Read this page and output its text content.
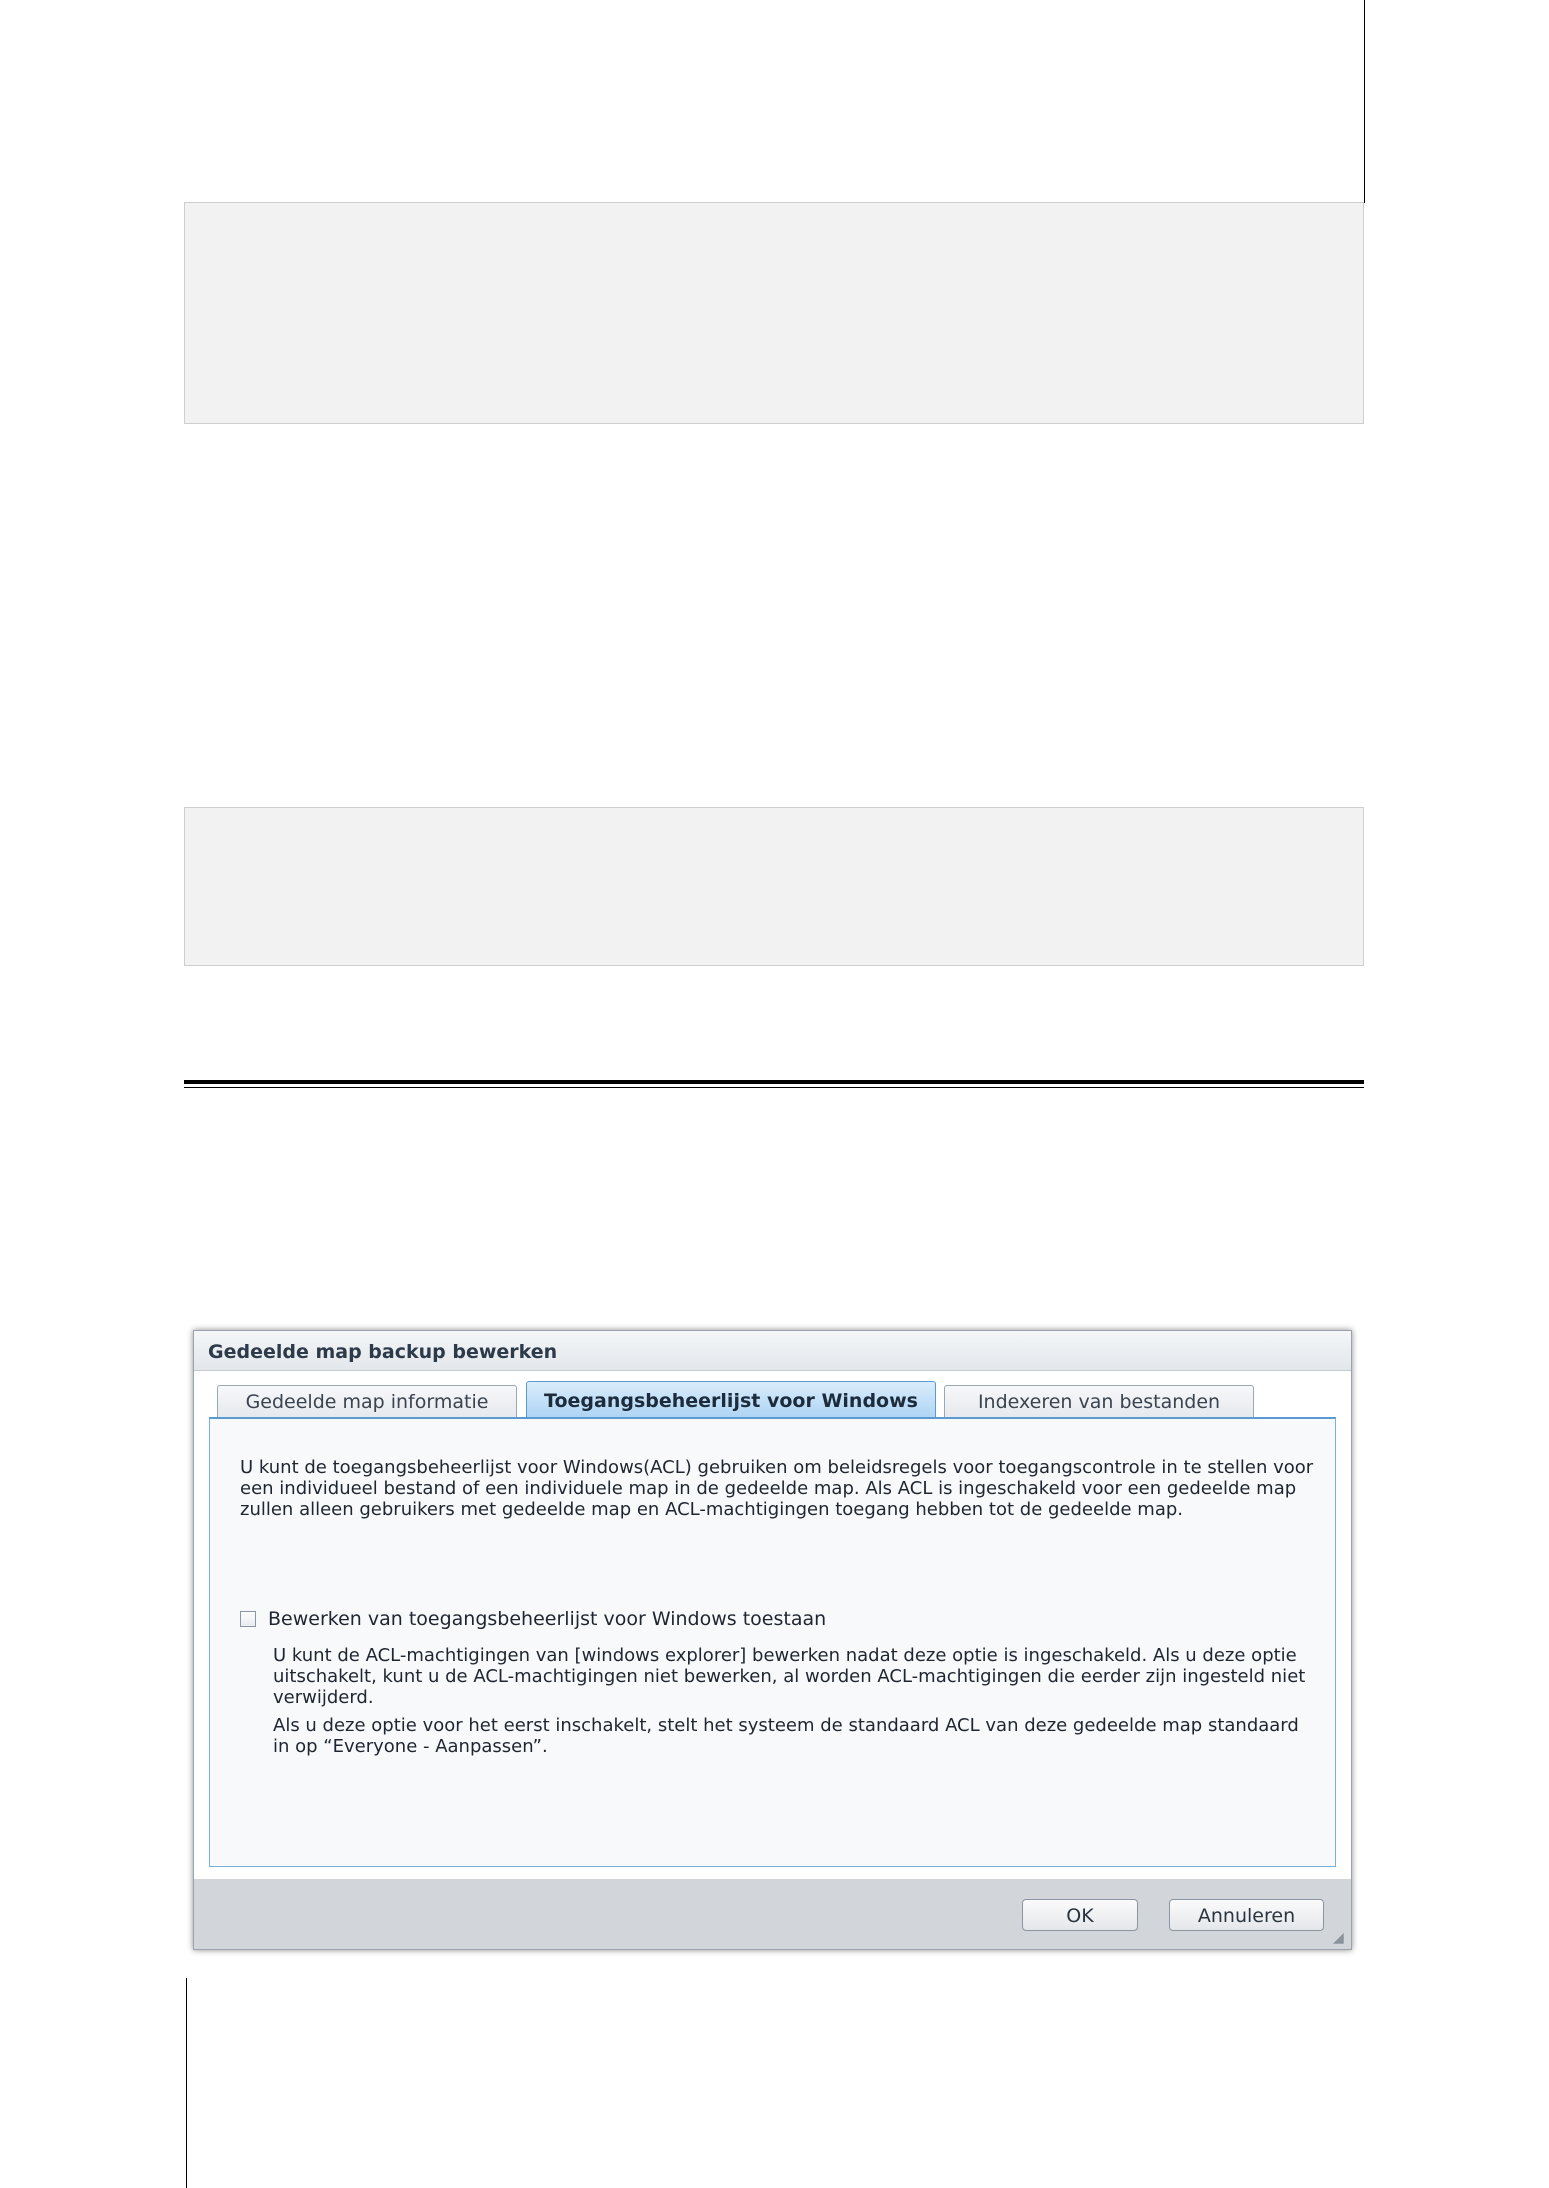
Gedeelde map backup bewerken
Gedeelde map informatie	Toegangsbeheerlijst voor Windows	Indexeren van bestanden
U kunt de toegangsbeheerlijst voor Windows(ACL) gebruiken om beleidsregels voor toegangscontrole in te stellen voor een individueel bestand of een individuele map in de gedeelde map. Als ACL is ingeschakeld voor een gedeelde map zullen alleen gebruikers met gedeelde map en ACL-machtigingen toegang hebben tot de gedeelde map.
Bewerken van toegangsbeheerlijst voor Windows toestaan
U kunt de ACL-machtigingen van [windows explorer] bewerken nadat deze optie is ingeschakeld. Als u deze optie uitschakelt, kunt u de ACL-machtigingen niet bewerken, al worden ACL-machtigingen die eerder zijn ingesteld niet verwijderd.
Als u deze optie voor het eerst inschakelt, stelt het systeem de standaard ACL van deze gedeelde map standaard in op “Everyone - Aanpassen”.
OK	Annuleren
◢
